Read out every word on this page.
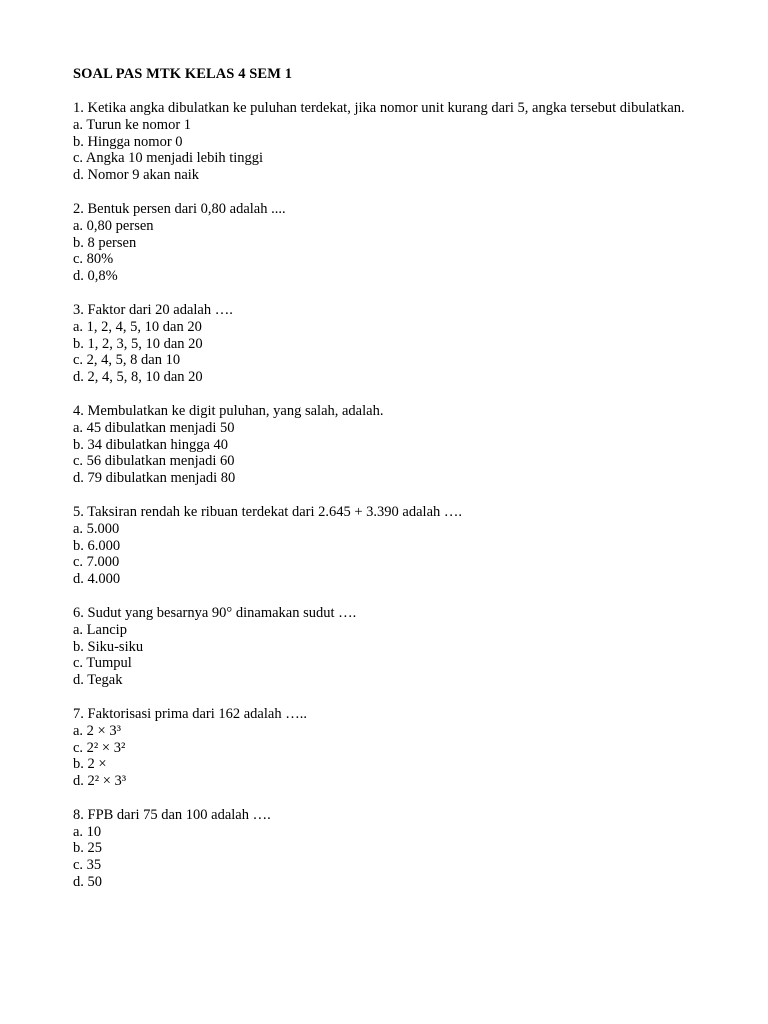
SOAL PAS MTK KELAS 4 SEM 1

1. Ketika angka dibulatkan ke puluhan terdekat, jika nomor unit kurang dari 5, angka tersebut dibulatkan.

a. Turun ke nomor 1

b. Hingga nomor 0

c. Angka 10 menjadi lebih tinggi

d. Nomor 9 akan naik

2. Bentuk persen dari 0,80 adalah ....

a. 0,80 persen

b. 8 persen

c. 80%

d. 0,8%

3. Faktor dari 20 adalah ….

a. 1, 2, 4, 5, 10 dan 20

b. 1, 2, 3, 5, 10 dan 20

c. 2, 4, 5, 8 dan 10

d. 2, 4, 5, 8, 10 dan 20

4. Membulatkan ke digit puluhan, yang salah, adalah.

a. 45 dibulatkan menjadi 50

b. 34 dibulatkan hingga 40

c. 56 dibulatkan menjadi 60

d. 79 dibulatkan menjadi 80

5. Taksiran rendah ke ribuan terdekat dari 2.645 + 3.390 adalah ….

a. 5.000

b. 6.000

c. 7.000

d. 4.000

6. Sudut yang besarnya 90° dinamakan sudut ….

a. Lancip

b. Siku-siku

c. Tumpul

d. Tegak

7. Faktorisasi prima dari 162 adalah …..

a. 2 × 3³

c. 2² × 3²

b. 2 ×

d. 2² × 3³

8. FPB dari 75 dan 100 adalah ….

a. 10

b. 25

c. 35

d. 50
